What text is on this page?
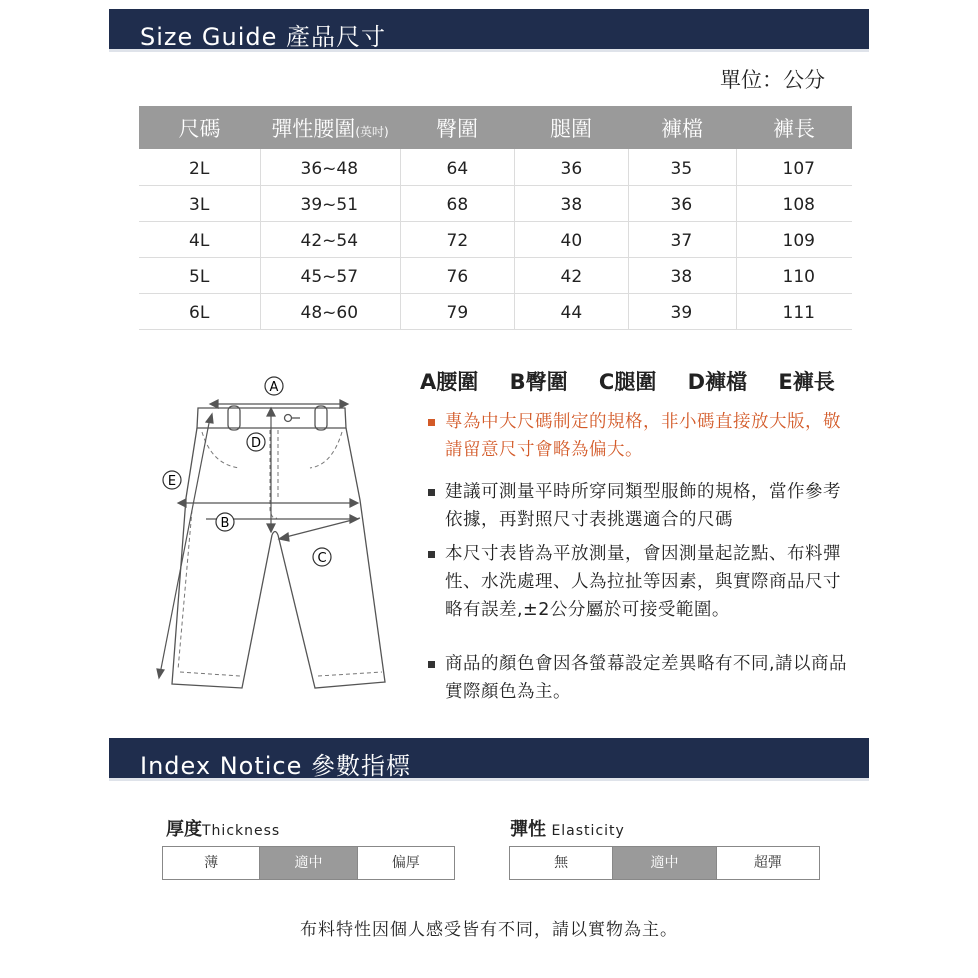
Size Guide 產品尺寸
單位：公分
尺碼	彈性腰圍(英吋)	臀圍	腿圍	褲檔	褲長
2L	36~48	64	36	35	107
3L	39~51	68	38	36	108
4L	42~54	72	40	37	109
5L	45~57	76	42	38	110
6L	48~60	79	44	39	111
A
B
C
D
E
A腰圍 B臀圍 C腿圍 D褲檔 E褲長
專為中大尺碼制定的規格，非小碼直接放大版，敬請留意尺寸會略為偏大。
建議可測量平時所穿同類型服飾的規格，當作參考依據，再對照尺寸表挑選適合的尺碼
本尺寸表皆為平放測量，會因測量起訖點、布料彈性、水洗處理、人為拉扯等因素，與實際商品尺寸略有誤差,±2公分屬於可接受範圍。
商品的顏色會因各螢幕設定差異略有不同,請以商品實際顏色為主。
Index Notice 參數指標
厚度Thickness
薄	適中	偏厚
彈性 Elasticity
無	適中	超彈
布料特性因個人感受皆有不同，請以實物為主。
